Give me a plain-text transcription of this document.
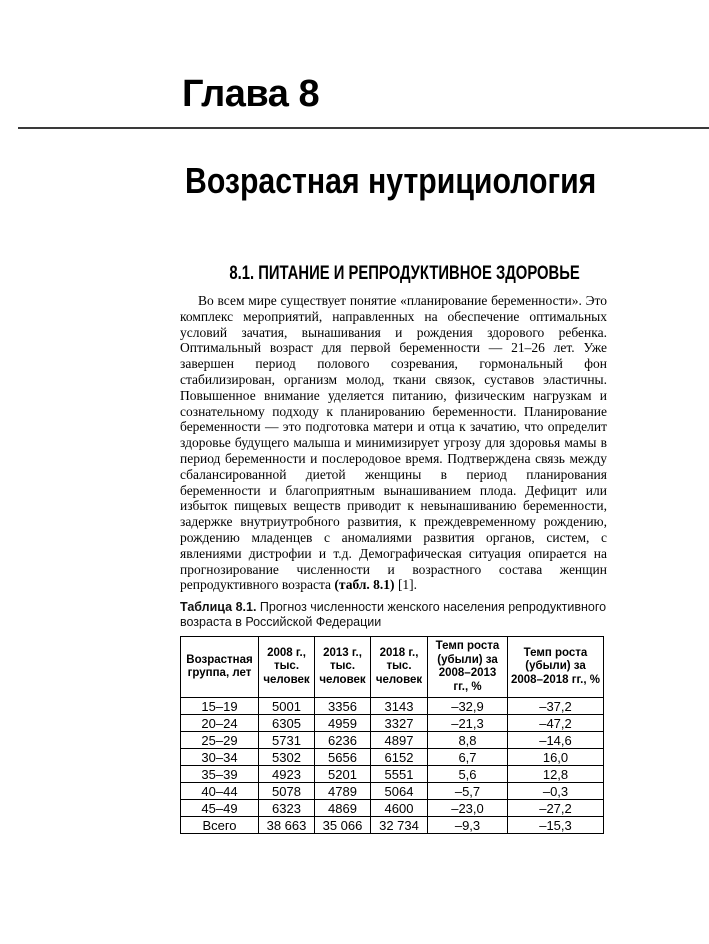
Глава 8
Возрастная нутрициология
8.1. ПИТАНИЕ И РЕПРОДУКТИВНОЕ ЗДОРОВЬЕ

Во всем мире существует понятие «планирование беременности». Это комплекс мероприятий, направленных на обеспечение оптимальных условий зачатия, вынашивания и рождения здорового ребенка. Оптимальный возраст для первой беременности — 21–26 лет. Уже завершен период полового созревания, гормональный фон стабилизирован, организм молод, ткани связок, суставов эластичны. Повышенное внимание уделяется питанию, физическим нагрузкам и сознательному подходу к планированию беременности. Планирование беременности — это подготовка матери и отца к зачатию, что определит здоровье будущего малыша и минимизирует угрозу для здоровья мамы в период беременности и послеродовое время. Подтверждена связь между сбалансированной диетой женщины в период планирования беременности и благоприятным вынашиванием плода. Дефицит или избыток пищевых веществ приводит к невынашиванию беременности, задержке внутриутробного развития, к преждевременному рождению, рождению младенцев с аномалиями развития органов, систем, с явлениями дистрофии и т.д. Демографическая ситуация опирается на прогнозирование численности и возрастного состава женщин репродуктивного возраста (табл. 8.1) [1].

Таблица 8.1. Прогноз численности женского населения репродуктивного возраста в Российской Федерации

Возрастная группа, лет	2008 г., тыс. человек	2013 г., тыс. человек	2018 г., тыс. человек	Темп роста (убыли) за 2008–2013 гг., %	Темп роста (убыли) за 2008–2018 гг., %
15–19	5001	3356	3143	–32,9	–37,2
20–24	6305	4959	3327	–21,3	–47,2
25–29	5731	6236	4897	8,8	–14,6
30–34	5302	5656	6152	6,7	16,0
35–39	4923	5201	5551	5,6	12,8
40–44	5078	4789	5064	–5,7	–0,3
45–49	6323	4869	4600	–23,0	–27,2
Всего	38 663	35 066	32 734	–9,3	–15,3
